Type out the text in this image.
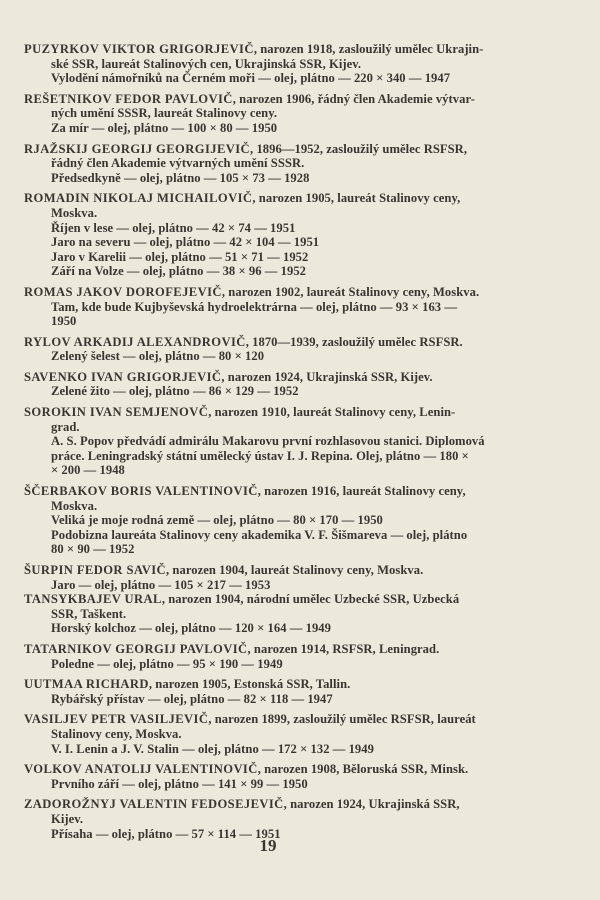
PUZYRKOV VIKTOR GRIGORJEVIČ, narozen 1918, zasloužilý umělec Ukrajin-
ské SSR, laureát Stalinových cen, Ukrajinská SSR, Kijev.
Vylodění námořníků na Černém moři — olej, plátno — 220 × 340 — 1947
REŠETNIKOV FEDOR PAVLOVIČ, narozen 1906, řádný člen Akademie výtvar-
ných umění SSSR, laureát Stalinovy ceny.
Za mír — olej, plátno — 100 × 80 — 1950
RJAŽSKIJ GEORGIJ GEORGIJEVIČ, 1896—1952, zasloužilý umělec RSFSR,
řádný člen Akademie výtvarných umění SSSR.
Předsedkyně — olej, plátno — 105 × 73 — 1928
ROMADIN NIKOLAJ MICHAILOVIČ, narozen 1905, laureát Stalinovy ceny,
Moskva.
Říjen v lese — olej, plátno — 42 × 74 — 1951
Jaro na severu — olej, plátno — 42 × 104 — 1951
Jaro v Karelii — olej, plátno — 51 × 71 — 1952
Září na Volze — olej, plátno — 38 × 96 — 1952
ROMAS JAKOV DOROFEJEVIČ, narozen 1902, laureát Stalinovy ceny, Moskva.
Tam, kde bude Kujbyševská hydroelektrárna — olej, plátno — 93 × 163 —
1950
RYLOV ARKADIJ ALEXANDROVIČ, 1870—1939, zasloužilý umělec RSFSR.
Zelený šelest — olej, plátno — 80 × 120
SAVENKO IVAN GRIGORJEVIČ, narozen 1924, Ukrajinská SSR, Kijev.
Zelené žito — olej, plátno — 86 × 129 — 1952
SOROKIN IVAN SEMJENOVČ, narozen 1910, laureát Stalinovy ceny, Lenin-
grad.
A. S. Popov předvádí admirálu Makarovu první rozhlasovou stanici. Diplomová
práce. Leningradský státní umělecký ústav I. J. Repina. Olej, plátno — 180 ×
× 200 — 1948
ŠČERBAKOV BORIS VALENTINOVIČ, narozen 1916, laureát Stalinovy ceny,
Moskva.
Veliká je moje rodná země — olej, plátno — 80 × 170 — 1950
Podobizna laureáta Stalinovy ceny akademika V. F. Šišmareva — olej, plátno
80 × 90 — 1952
ŠURPIN FEDOR SAVIČ, narozen 1904, laureát Stalinovy ceny, Moskva.
Jaro — olej, plátno — 105 × 217 — 1953
TANSYKBAJEV URAL, narozen 1904, národní umělec Uzbecké SSR, Uzbecká
SSR, Taškent.
Horský kolchoz — olej, plátno — 120 × 164 — 1949
TATARNIKOV GEORGIJ PAVLOVIČ, narozen 1914, RSFSR, Leningrad.
Poledne — olej, plátno — 95 × 190 — 1949
UUTMAA RICHARD, narozen 1905, Estonská SSR, Tallin.
Rybářský přístav — olej, plátno — 82 × 118 — 1947
VASILJEV PETR VASILJEVIČ, narozen 1899, zasloužilý umělec RSFSR, laureát
Stalinovy ceny, Moskva.
V. I. Lenin a J. V. Stalin — olej, plátno — 172 × 132 — 1949
VOLKOV ANATOLIJ VALENTINOVIČ, narozen 1908, Běloruská SSR, Minsk.
Prvního září — olej, plátno — 141 × 99 — 1950
ZADOROŽNYJ VALENTIN FEDOSEJEVIČ, narozen 1924, Ukrajinská SSR,
Kijev.
Přísaha — olej, plátno — 57 × 114 — 1951
19
